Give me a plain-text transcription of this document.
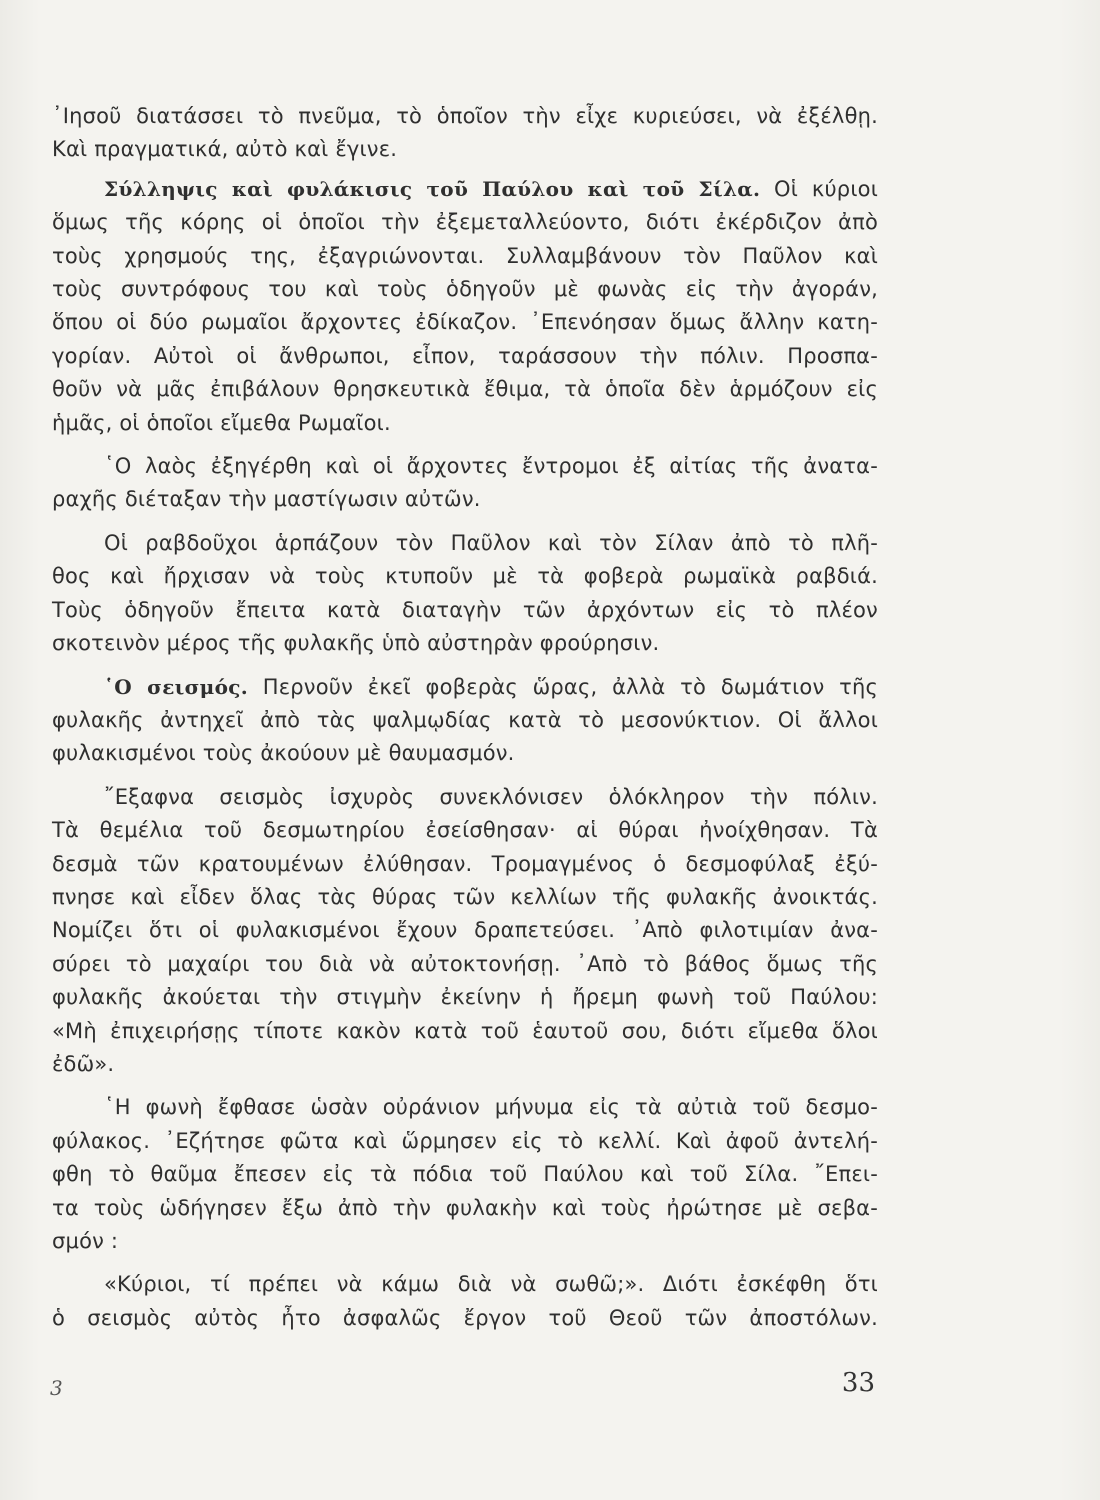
᾿Ιησοῦ διατάσσει τὸ πνεῦμα, τὸ ὁποῖον τὴν εἶχε κυριεύσει, νὰ ἐξέλθῃ.
Καὶ πραγματικά, αὐτὸ καὶ ἔγινε.
Σύλληψις καὶ φυλάκισις τοῦ Παύλου καὶ τοῦ Σίλα. Οἱ κύριοι
ὅμως τῆς κόρης οἱ ὁποῖοι τὴν ἐξεμεταλλεύοντο, διότι ἐκέρδιζον ἀπὸ
τοὺς χρησμούς της, ἐξαγριώνονται. Συλλαμβάνουν τὸν Παῦλον καὶ
τοὺς συντρόφους του καὶ τοὺς ὁδηγοῦν μὲ φωνὰς εἰς τὴν ἀγοράν,
ὅπου οἱ δύο ρωμαῖοι ἄρχοντες ἐδίκαζον. ᾿Επενόησαν ὅμως ἄλλην κατη-
γορίαν. Αὐτοὶ οἱ ἄνθρωποι, εἶπον, ταράσσουν τὴν πόλιν. Προσπα-
θοῦν νὰ μᾶς ἐπιβάλουν θρησκευτικὰ ἔθιμα, τὰ ὁποῖα δὲν ἁρμόζουν εἰς
ἡμᾶς, οἱ ὁποῖοι εἴμεθα Ρωμαῖοι.
῾Ο λαὸς ἐξηγέρθη καὶ οἱ ἄρχοντες ἔντρομοι ἐξ αἰτίας τῆς ἀνατα-
ραχῆς διέταξαν τὴν μαστίγωσιν αὐτῶν.
Οἱ ραβδοῦχοι ἁρπάζουν τὸν Παῦλον καὶ τὸν Σίλαν ἀπὸ τὸ πλῆ-
θος καὶ ἤρχισαν νὰ τοὺς κτυποῦν μὲ τὰ φοβερὰ ρωμαϊκὰ ραβδιά.
Τοὺς ὁδηγοῦν ἔπειτα κατὰ διαταγὴν τῶν ἀρχόντων εἰς τὸ πλέον
σκοτεινὸν μέρος τῆς φυλακῆς ὑπὸ αὐστηρὰν φρούρησιν.
῾Ο σεισμός. Περνοῦν ἐκεῖ φοβερὰς ὥρας, ἀλλὰ τὸ δωμάτιον τῆς
φυλακῆς ἀντηχεῖ ἀπὸ τὰς ψαλμῳδίας κατὰ τὸ μεσονύκτιον. Οἱ ἄλλοι
φυλακισμένοι τοὺς ἀκούουν μὲ θαυμασμόν.
῎Εξαφνα σεισμὸς ἰσχυρὸς συνεκλόνισεν ὁλόκληρον τὴν πόλιν.
Τὰ θεμέλια τοῦ δεσμωτηρίου ἐσείσθησαν· αἱ θύραι ἠνοίχθησαν. Τὰ
δεσμὰ τῶν κρατουμένων ἐλύθησαν. Τρομαγμένος ὁ δεσμοφύλαξ ἐξύ-
πνησε καὶ εἶδεν ὅλας τὰς θύρας τῶν κελλίων τῆς φυλακῆς ἀνοικτάς.
Νομίζει ὅτι οἱ φυλακισμένοι ἔχουν δραπετεύσει. ᾿Απὸ φιλοτιμίαν ἀνα-
σύρει τὸ μαχαίρι του διὰ νὰ αὐτοκτονήσῃ. ᾿Απὸ τὸ βάθος ὅμως τῆς
φυλακῆς ἀκούεται τὴν στιγμὴν ἐκείνην ἡ ἤρεμη φωνὴ τοῦ Παύλου:
«Μὴ ἐπιχειρήσῃς τίποτε κακὸν κατὰ τοῦ ἑαυτοῦ σου, διότι εἴμεθα ὅλοι
ἐδῶ».
῾Η φωνὴ ἔφθασε ὡσὰν οὐράνιον μήνυμα εἰς τὰ αὐτιὰ τοῦ δεσμο-
φύλακος. ᾿Εζήτησε φῶτα καὶ ὥρμησεν εἰς τὸ κελλί. Καὶ ἀφοῦ ἀντελή-
φθη τὸ θαῦμα ἔπεσεν εἰς τὰ πόδια τοῦ Παύλου καὶ τοῦ Σίλα. ῎Επει-
τα τοὺς ὡδήγησεν ἔξω ἀπὸ τὴν φυλακὴν καὶ τοὺς ἠρώτησε μὲ σεβα-
σμόν :
«Κύριοι, τί πρέπει νὰ κάμω διὰ νὰ σωθῶ;». Διότι ἐσκέφθη ὅτι
ὁ σεισμὸς αὐτὸς ἦτο ἀσφαλῶς ἔργον τοῦ Θεοῦ τῶν ἀποστόλων.
3	33
